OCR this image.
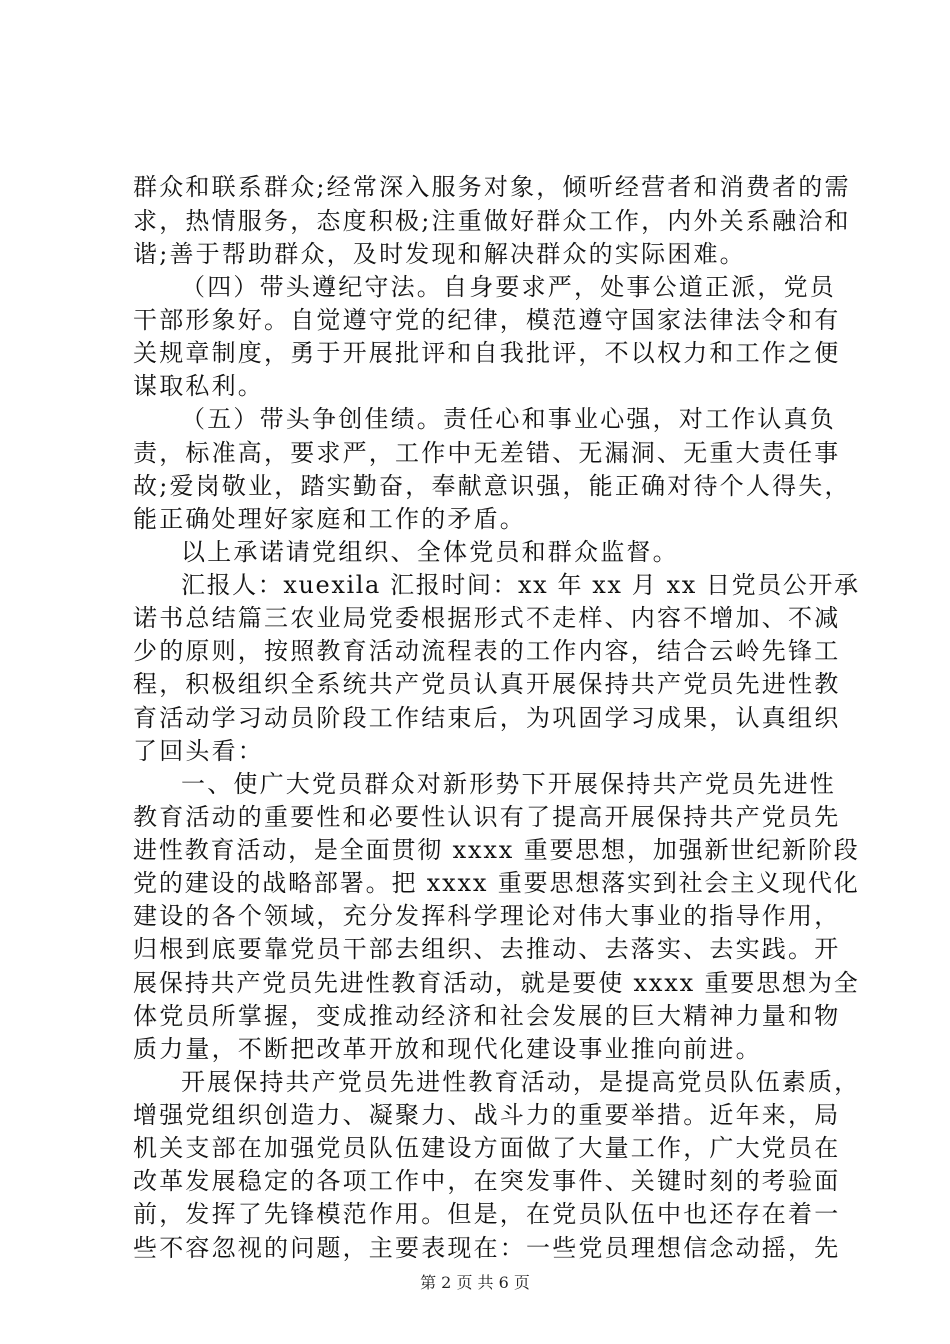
群众和联系群众;经常深入服务对象，倾听经营者和消费者的需
求，热情服务，态度积极;注重做好群众工作，内外关系融洽和
谐;善于帮助群众，及时发现和解决群众的实际困难。
（四）带头遵纪守法。自身要求严，处事公道正派，党员
干部形象好。自觉遵守党的纪律，模范遵守国家法律法令和有
关规章制度，勇于开展批评和自我批评，不以权力和工作之便
谋取私利。
（五）带头争创佳绩。责任心和事业心强，对工作认真负
责，标准高，要求严，工作中无差错、无漏洞、无重大责任事
故;爱岗敬业，踏实勤奋，奉献意识强，能正确对待个人得失，
能正确处理好家庭和工作的矛盾。
以上承诺请党组织、全体党员和群众监督。
汇报人：xuexila 汇报时间：xx 年 xx 月 xx 日党员公开承
诺书总结篇三农业局党委根据形式不走样、内容不增加、不减
少的原则，按照教育活动流程表的工作内容，结合云岭先锋工
程，积极组织全系统共产党员认真开展保持共产党员先进性教
育活动学习动员阶段工作结束后，为巩固学习成果，认真组织
了回头看：
一、使广大党员群众对新形势下开展保持共产党员先进性
教育活动的重要性和必要性认识有了提高开展保持共产党员先
进性教育活动，是全面贯彻 xxxx 重要思想，加强新世纪新阶段
党的建设的战略部署。把 xxxx 重要思想落实到社会主义现代化
建设的各个领域，充分发挥科学理论对伟大事业的指导作用，
归根到底要靠党员干部去组织、去推动、去落实、去实践。开
展保持共产党员先进性教育活动，就是要使 xxxx 重要思想为全
体党员所掌握，变成推动经济和社会发展的巨大精神力量和物
质力量，不断把改革开放和现代化建设事业推向前进。
开展保持共产党员先进性教育活动，是提高党员队伍素质，
增强党组织创造力、凝聚力、战斗力的重要举措。近年来，局
机关支部在加强党员队伍建设方面做了大量工作，广大党员在
改革发展稳定的各项工作中，在突发事件、关键时刻的考验面
前，发挥了先锋模范作用。但是，在党员队伍中也还存在着一
些不容忽视的问题，主要表现在：一些党员理想信念动摇，先
第 2 页 共 6 页
